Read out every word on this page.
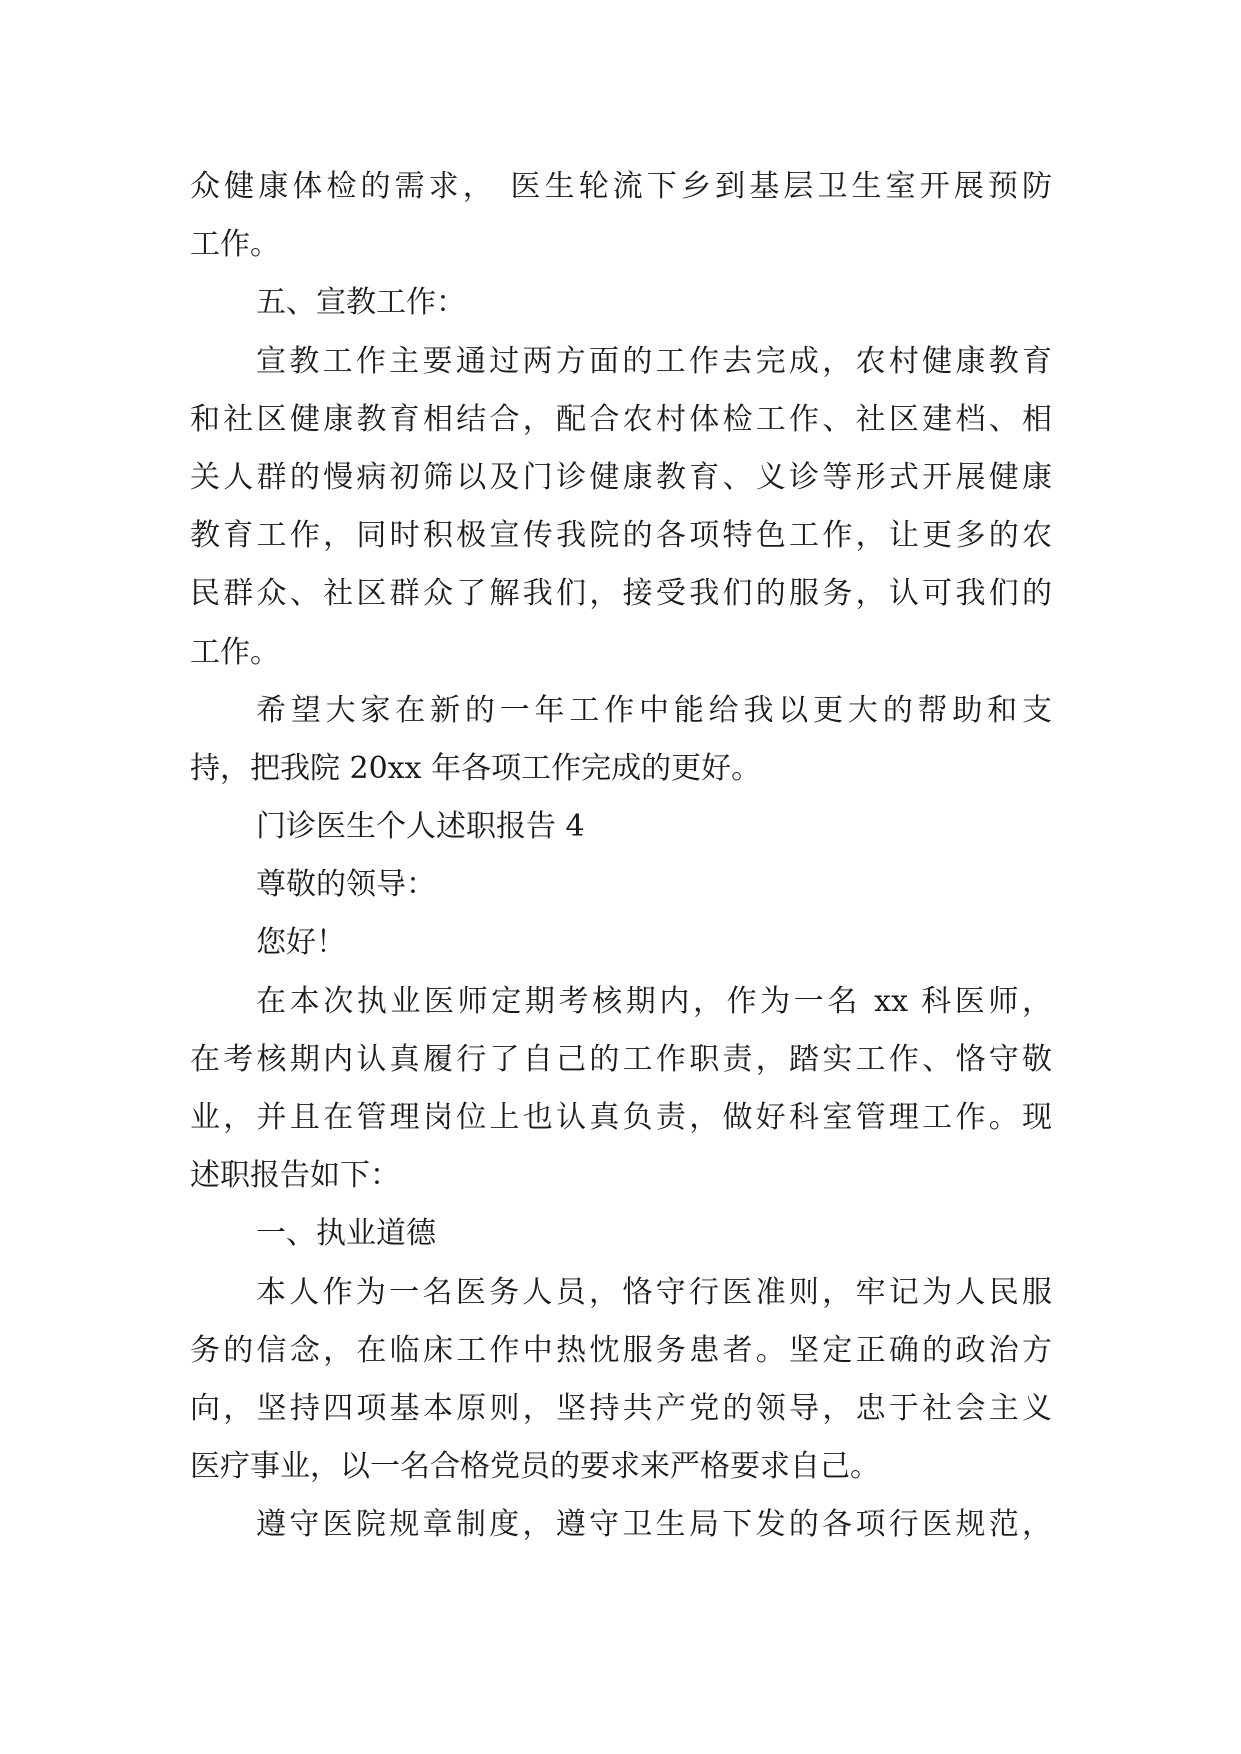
众健康体检的需求， 医生轮流下乡到基层卫生室开展预防
工作。
五、宣教工作：
宣教工作主要通过两方面的工作去完成，农村健康教育
和社区健康教育相结合，配合农村体检工作、社区建档、相
关人群的慢病初筛以及门诊健康教育、义诊等形式开展健康
教育工作，同时积极宣传我院的各项特色工作，让更多的农
民群众、社区群众了解我们，接受我们的服务，认可我们的
工作。
希望大家在新的一年工作中能给我以更大的帮助和支
持，把我院 20xx 年各项工作完成的更好。
门诊医生个人述职报告 4
尊敬的领导：
您好！
在本次执业医师定期考核期内，作为一名 xx 科医师，
在考核期内认真履行了自己的工作职责，踏实工作、恪守敬
业，并且在管理岗位上也认真负责，做好科室管理工作。现
述职报告如下：
一、执业道德
本人作为一名医务人员，恪守行医准则，牢记为人民服
务的信念，在临床工作中热忱服务患者。坚定正确的政治方
向，坚持四项基本原则，坚持共产党的领导，忠于社会主义
医疗事业，以一名合格党员的要求来严格要求自己。
遵守医院规章制度，遵守卫生局下发的各项行医规范，
